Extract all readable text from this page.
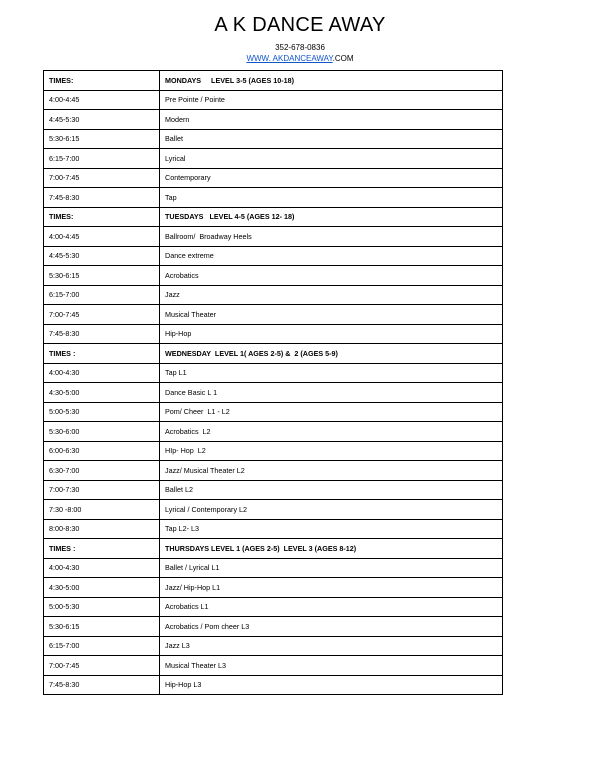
A K DANCE AWAY
352-678-0836
WWW. AKDANCEAWAY.COM
TIMES:	MONDAYS     LEVEL 3-5 (AGES 10-18)
4:00-4:45	Pre Pointe / Pointe
4:45-5:30	Modern
5:30-6:15	Ballet
6:15-7:00	Lyrical
7:00-7:45	Contemporary
7:45-8:30	Tap
TIMES:	TUESDAYS   LEVEL 4-5 (AGES 12- 18)
4:00-4:45	Ballroom/  Broadway Heels
4:45-5:30	Dance extreme
5:30-6:15	Acrobatics
6:15-7:00	Jazz
7:00-7:45	Musical Theater
7:45-8:30	Hip-Hop
TIMES :	WEDNESDAY  LEVEL 1( AGES 2-5) &  2 (AGES 5-9)
4:00-4:30	Tap L1
4:30-5:00	Dance Basic L 1
5:00-5:30	Pom/ Cheer  L1 - L2
5:30-6:00	Acrobatics  L2
6:00-6:30	HIp- Hop  L2
6:30-7:00	Jazz/ Musical Theater L2
7:00-7:30	Ballet L2
7:30 -8:00	Lyrical / Contemporary L2
8:00-8:30	Tap L2- L3
TIMES :	THURSDAYS LEVEL 1 (AGES 2-5)  LEVEL 3 (AGES 8-12)
4:00-4:30	Ballet / Lyrical L1
4:30-5:00	Jazz/ Hip-Hop L1
5:00-5:30	Acrobatics L1
5:30-6:15	Acrobatics / Pom cheer L3
6:15-7:00	Jazz L3
7:00-7:45	Musical Theater L3
7:45-8:30	Hip-Hop L3
